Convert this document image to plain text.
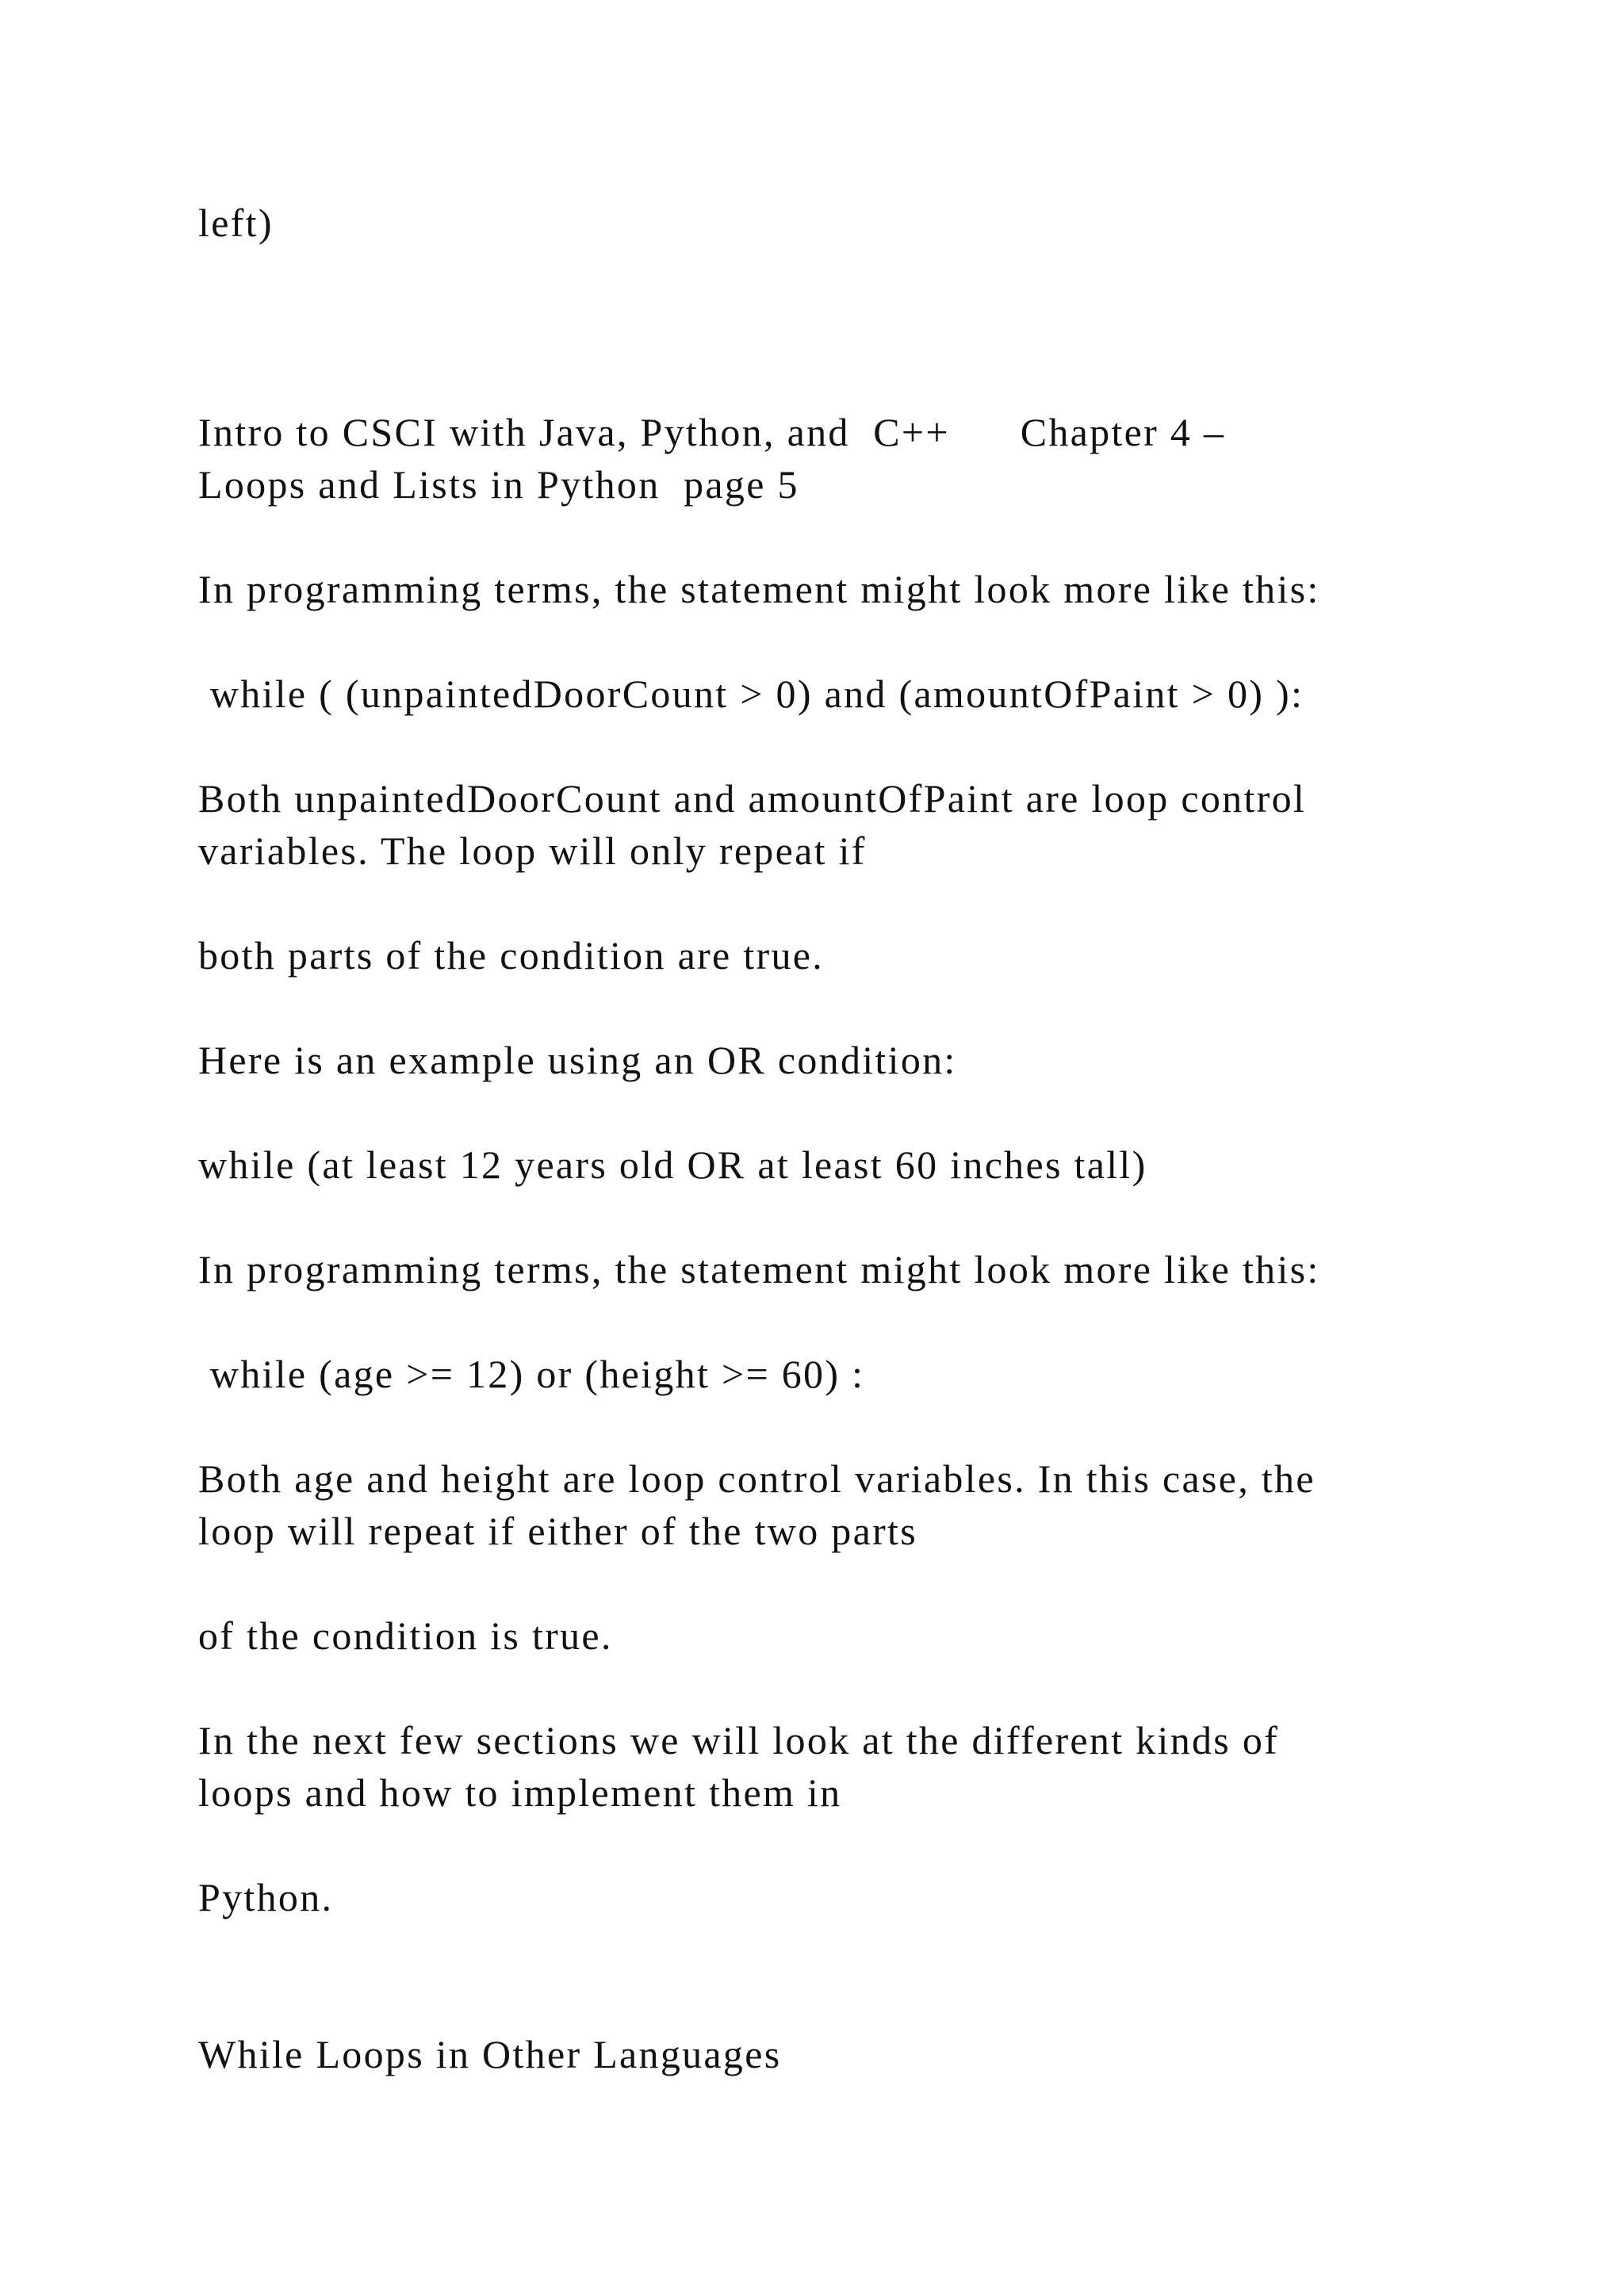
left)
Intro to CSCI with Java, Python, and  C++      Chapter 4 –
Loops and Lists in Python  page 5
In programming terms, the statement might look more like this:
while ( (unpaintedDoorCount > 0) and (amountOfPaint > 0) ):
Both unpaintedDoorCount and amountOfPaint are loop control
variables. The loop will only repeat if
both parts of the condition are true.
Here is an example using an OR condition:
while (at least 12 years old OR at least 60 inches tall)
In programming terms, the statement might look more like this:
while (age >= 12) or (height >= 60) :
Both age and height are loop control variables. In this case, the
loop will repeat if either of the two parts
of the condition is true.
In the next few sections we will look at the different kinds of
loops and how to implement them in
Python.
While Loops in Other Languages
